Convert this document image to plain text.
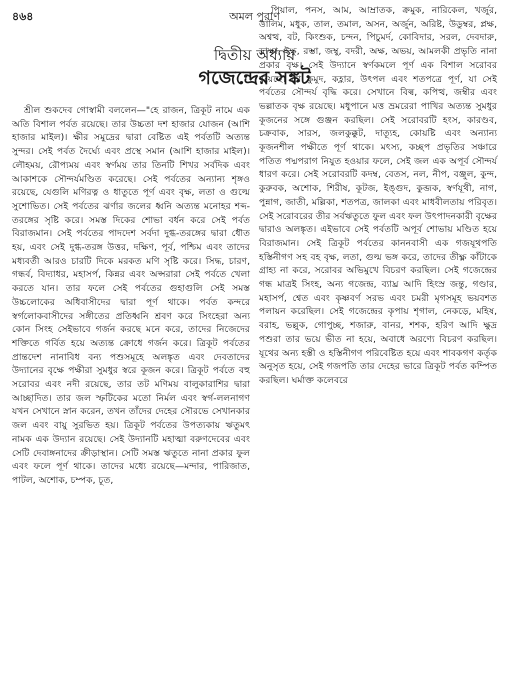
৪৬৪	অমল পুরাণ
দ্বিতীয় অধ্যায়
গজেন্দ্রের সঙ্কট

শ্রীল শুকদেব গোস্বামী বললেন—"হে রাজন, ত্রিকূট নামে এক অতি বিশাল পর্বত রয়েছে। তার উচ্চতা দশ হাজার যোজন (আশি হাজার মাইল)। ক্ষীর সমুদ্রের দ্বারা বেষ্টিত এই পর্বতটি অত্যন্ত সুন্দর। সেই পর্বত দৈর্ঘ্যে এবং প্রস্থে সমান (আশি হাজার মাইল)। লৌহময়, রৌপ্যময় এবং স্বর্ণময় তার তিনটি শিখর সর্বদিক এবং আকাশকে সৌন্দর্যমণ্ডিত করেছে। সেই পর্বতের অন্যান্য শৃঙ্গও রয়েছে, যেগুলি মণিরত্ন ও ধাতুতে পূর্ণ এবং বৃক্ষ, লতা ও গুল্মে সুশোভিত। সেই পর্বতের ঝর্ণার জলের ধ্বনি অত্যন্ত মনোহর শব্দ-তরঙ্গের সৃষ্টি করে। সমস্ত দিকের শোভা বর্ধন করে সেই পর্বত বিরাজমান। সেই পর্বতের পাদদেশ সর্বদা দুগ্ধ-তরঙ্গের দ্বারা ধৌত হয়, এবং সেই দুগ্ধ-তরঙ্গ উত্তর, দক্ষিণ, পূর্ব, পশ্চিম এবং তাদের মধ্যবর্তী আরও চারটি দিকে মরকত মণি সৃষ্টি করে। সিদ্ধ, চারণ, গন্ধর্ব, বিদ্যাধর, মহাসর্প, কিন্নর এবং অপ্সরারা সেই পর্বতে খেলা করতে যান। তার ফলে সেই পর্বতের গুহাগুলি সেই সমস্ত উচ্চলোকের অধিবাসীদের দ্বারা পূর্ণ থাকে। পর্বত কন্দরে স্বর্গলোকবাসীদের সঙ্গীতের প্রতিধ্বনি শ্রবণ করে সিংহেরা অন্য কোন সিংহ সেইভাবে গর্জন করছে মনে করে, তাদের নিজেদের শক্তিতে গর্বিত হয়ে অত্যন্ত ক্রোধে গর্জন করে। ত্রিকূট পর্বতের প্রান্তদেশ নানাবিধ বন্য পশুসমূহে অলঙ্কৃত এবং দেবতাদের উদ্যানের বৃক্ষে পক্ষীরা সুমধুর স্বরে কূজন করে। ত্রিকূট পর্বতে বহু সরোবর এবং নদী রয়েছে, তার তট মণিময় বালুকারাশির দ্বারা আচ্ছাদিত। তার জল স্ফটিকের মতো নির্মল এবং স্বর্গ-ললনাগণ যখন সেখানে স্নান করেন, তখন তাঁদের দেহের সৌরভে সেখানকার জল এবং বায়ু সুরভিত হয়। ত্রিকূট পর্বতের উপত্যকায় ঋতুমৎ নামক এক উদ্যান রয়েছে। সেই উদ্যানটি মহাত্মা বরুণদেবের এবং সেটি দেবাঙ্গনাদের ক্রীড়াস্থান। সেটি সমস্ত ঋতুতে নানা প্রকার ফুল এবং ফলে পূর্ণ থাকে। তাদের মধ্যে রয়েছে—মন্দার, পারিজাত, পাটল, অশোক, চম্পক, চূত,

পিয়াল, পনস, আম, আম্রাতক, ক্রমুক, নারিকেল, খর্জুর, ডালিম, মধুক, তাল, তমাল, অসন, অর্জুন, অরিষ্ট, উডুম্বর, প্লক্ষ, অশ্বত্থ, বট, কিংশুক, চন্দন, পিচুমর্দ, কোবিদার, সরল, দেবদারু, দ্রাক্ষা, ইক্ষু, রম্ভা, জম্বু, বদরী, অক্ষ, অভয়, আমলকী প্রভৃতি নানা প্রকার বৃক্ষ। সেই উদ্যানে স্বর্ণকমলে পূর্ণ এক বিশাল সরোবর রয়েছে। তা কুমুদ, কহ্লার, উৎপল এবং শতপত্রে পূর্ণ, যা সেই পর্বতের সৌন্দর্য বৃদ্ধি করে। সেখানে বিল্ব, কপিত্থ, জম্বীর এবং ভল্লাতক বৃক্ষ রয়েছে। মধুপানে মত্ত ভ্রমরেরা পাখির অত্যন্ত সুমধুর কূজনের সঙ্গে গুঞ্জন করছিল। সেই সরোবরটি হংস, কারণ্ডব, চক্রবাক, সারস, জলকুক্কুট, দাত্যূহ, কোয়ষ্টি এবং অন্যান্য কূজনশীল পক্ষীতে পূর্ণ থাকে। মৎস্য, কচ্ছপ প্রভৃতির সঞ্চারে পতিত পদ্মপরাগ নিযুত হওয়ার ফলে, সেই জল এক অপূর্ব সৌন্দর্য ধারণ করে। সেই সরোবরটি কদম্ব, বেতস, নল, নীপ, বঞ্জুল, কুন্দ, কুরুবক, অশোক, শিরীষ, কূটজ, ইঙ্গুদ, কুব্জক, স্বর্ণযূথী, নাগ, পুন্নাগ, জাতী, মল্লিকা, শতপত্র, জালকা এবং মাধবীলতায় পরিবৃত। সেই সরোবরের তীর সর্বঋতুতে ফুল এবং ফল উৎপাদনকারী বৃক্ষের দ্বারাও অলঙ্কৃত। এইভাবে সেই পর্বতটি অপূর্ব শোভায় মণ্ডিত হয়ে বিরাজমান। সেই ত্রিকূট পর্বতের কাননবাসী এক গজযূথপতি হস্তিনীগণ সহ বহ বৃক্ষ, লতা, গুল্ম ভঙ্গ করে, তাদের তীক্ষ্ণ কাঁটাকে গ্রাহ্য না করে, সরোবর অভিমুখে বিচরণ করছিল। সেই গজেন্দ্রের গন্ধ মাত্রই সিংহ, অন্য গজেন্দ্র, ব্যাঘ্র আদি হিংস্র জন্তু, গণ্ডার, মহাসর্প, শ্বেত এবং কৃষ্ণবর্ণ সরভ এবং চমরী মৃগসমূহ ভয়বশত পলায়ন করেছিল। সেই গজেন্দ্রের কৃপায় শৃগাল, নেকড়ে, মহিষ, বরাহ, ভল্লুক, গোপুচ্ছ, শজারু, বানর, শশক, হরিণ আদি ক্ষুদ্র পশুরা তার ভয়ে ভীত না হয়ে, অবাধে অরণ্যে বিচরণ করছিল। যূথের অন্য হস্তী ও হস্তিনীগণ পরিবেষ্টিত হয়ে এবং শাবকগণ কর্তৃক অনুসৃত হয়ে, সেই গজপতি তার দেহের ভারে ত্রিকূট পর্বত কম্পিত করছিল। ঘর্মাক্ত কলেবরে
